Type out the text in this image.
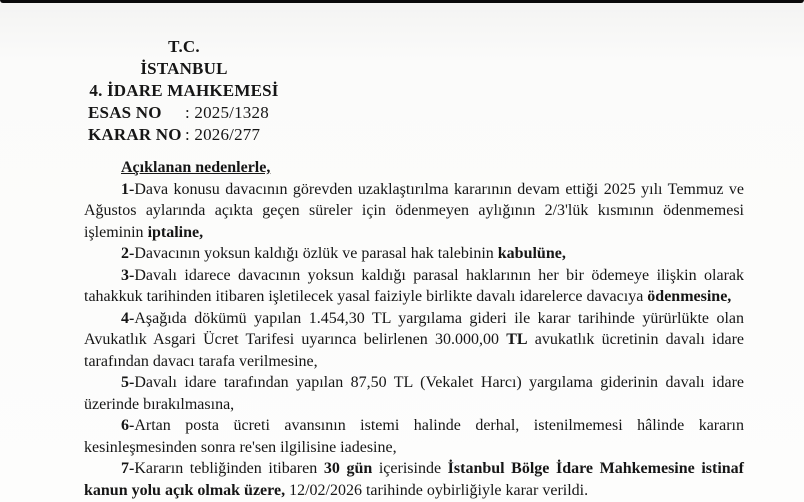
T.C.
İSTANBUL
4. İDARE MAHKEMESİ
ESAS NO	: 2025/1328
KARAR NO : 2026/277

Açıklanan nedenlerle,

1-Dava konusu davacının görevden uzaklaştırılma kararının devam ettiği 2025 yılı Temmuz ve Ağustos aylarında açıkta geçen süreler için ödenmeyen aylığının 2/3'lük kısmının ödenmemesi işleminin iptaline,

2-Davacının yoksun kaldığı özlük ve parasal hak talebinin kabulüne,

3-Davalı idarece davacının yoksun kaldığı parasal haklarının her bir ödemeye ilişkin olarak tahakkuk tarihinden itibaren işletilecek yasal faiziyle birlikte davalı idarelerce davacıya ödenmesine,

4-Aşağıda dökümü yapılan 1.454,30 TL yargılama gideri ile karar tarihinde yürürlükte olan Avukatlık Asgari Ücret Tarifesi uyarınca belirlenen 30.000,00 TL avukatlık ücretinin davalı idare tarafından davacı tarafa verilmesine,

5-Davalı idare tarafından yapılan 87,50 TL (Vekalet Harcı) yargılama giderinin davalı idare üzerinde bırakılmasına,

6-Artan posta ücreti avansının istemi halinde derhal, istenilmemesi hâlinde kararın kesinleşmesinden sonra re'sen ilgilisine iadesine,

7-Kararın tebliğinden itibaren 30 gün içerisinde İstanbul Bölge İdare Mahkemesine istinaf kanun yolu açık olmak üzere, 12/02/2026 tarihinde oybirliğiyle karar verildi.
